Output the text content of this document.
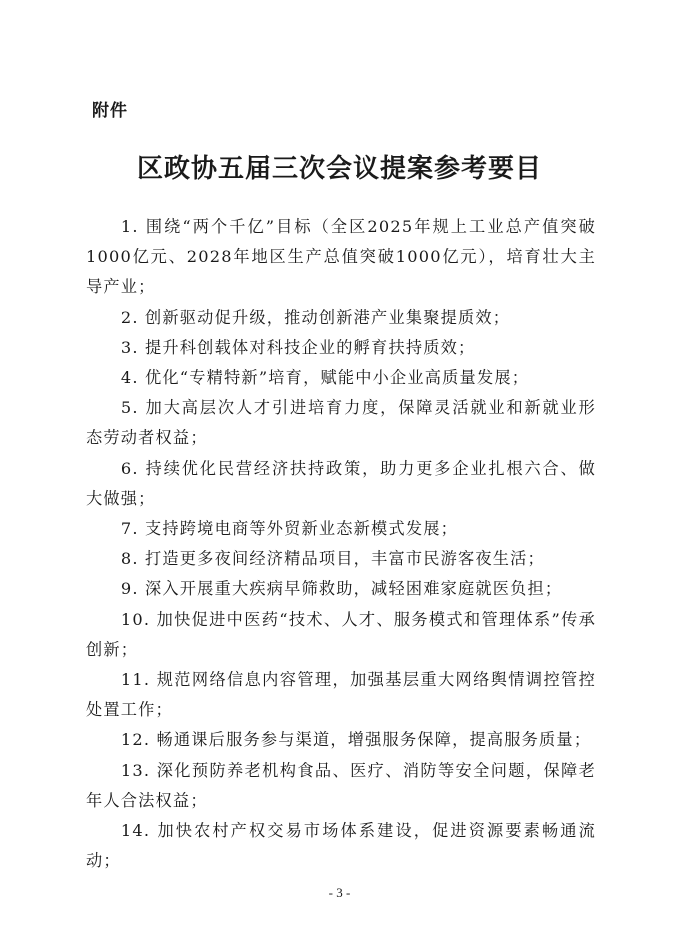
附件
区政协五届三次会议提案参考要目

1. 围绕“两个千亿”目标（全区2025年规上工业总产值突破1000亿元、2028年地区生产总值突破1000亿元），培育壮大主导产业；

2. 创新驱动促升级，推动创新港产业集聚提质效；

3. 提升科创载体对科技企业的孵育扶持质效；

4. 优化“专精特新”培育，赋能中小企业高质量发展；

5. 加大高层次人才引进培育力度，保障灵活就业和新就业形态劳动者权益；

6. 持续优化民营经济扶持政策，助力更多企业扎根六合、做大做强；

7. 支持跨境电商等外贸新业态新模式发展；

8. 打造更多夜间经济精品项目，丰富市民游客夜生活；

9. 深入开展重大疾病早筛救助，减轻困难家庭就医负担；

10. 加快促进中医药“技术、人才、服务模式和管理体系”传承创新；

11. 规范网络信息内容管理，加强基层重大网络舆情调控管控处置工作；

12. 畅通课后服务参与渠道，增强服务保障，提高服务质量；

13. 深化预防养老机构食品、医疗、消防等安全问题，保障老年人合法权益；

14. 加快农村产权交易市场体系建设，促进资源要素畅通流动；

- 3 -
